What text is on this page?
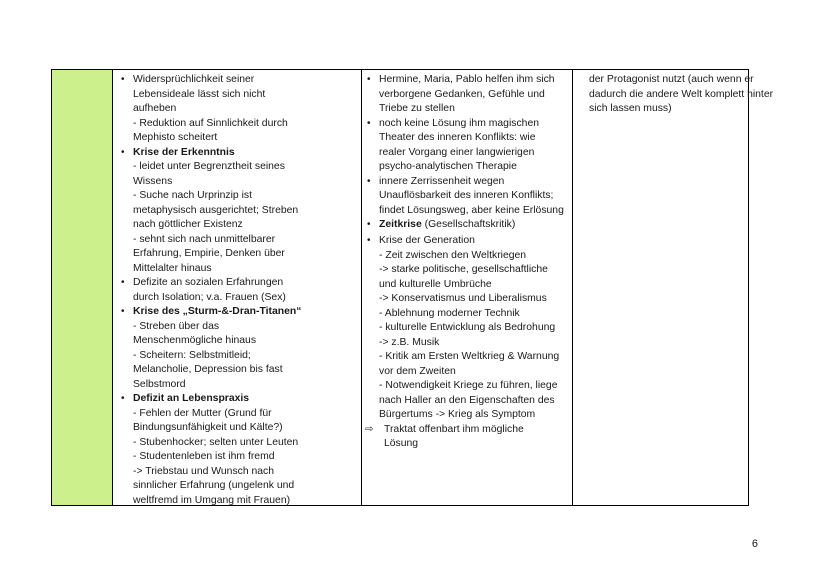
• Widersprüchlichkeit seiner
Lebensideale lässt sich nicht
aufheben
- Reduktion auf Sinnlichkeit durch
Mephisto scheitert
• Krise der Erkenntnis
- leidet unter Begrenztheit seines
Wissens
- Suche nach Urprinzip ist
metaphysisch ausgerichtet; Streben
nach göttlicher Existenz
- sehnt sich nach unmittelbarer
Erfahrung, Empirie, Denken über
Mittelalter hinaus
• Defizite an sozialen Erfahrungen
durch Isolation; v.a. Frauen (Sex)
• Krise des „Sturm-&-Dran-Titanen“
- Streben über das
Menschenmögliche hinaus
- Scheitern: Selbstmitleid;
Melancholie, Depression bis fast
Selbstmord
• Defizit an Lebenspraxis
- Fehlen der Mutter (Grund für
Bindungsunfähigkeit und Kälte?)
- Stubenhocker; selten unter Leuten
- Studentenleben ist ihm fremd
-> Triebstau und Wunsch nach
sinnlicher Erfahrung (ungelenk und
weltfremd im Umgang mit Frauen)
• Hermine, Maria, Pablo helfen ihm sich
verborgene Gedanken, Gefühle und
Triebe zu stellen
• noch keine Lösung ihm magischen
Theater des inneren Konflikts: wie
realer Vorgang einer langwierigen
psycho-analytischen Therapie
• innere Zerrissenheit wegen
Unauflösbarkeit des inneren Konflikts;
findet Lösungsweg, aber keine Erlösung
• Zeitkrise (Gesellschaftskritik)
• Krise der Generation
- Zeit zwischen den Weltkriegen
-> starke politische, gesellschaftliche
und kulturelle Umbrüche
-> Konservatismus und Liberalismus
- Ablehnung moderner Technik
- kulturelle Entwicklung als Bedrohung
-> z.B. Musik
- Kritik am Ersten Weltkrieg & Warnung
vor dem Zweiten
- Notwendigkeit Kriege zu führen, liege
nach Haller an den Eigenschaften des
Bürgertums -> Krieg als Symptom
⇨ Traktat offenbart ihm mögliche
Lösung
der Protagonist nutzt (auch wenn er
dadurch die andere Welt komplett hinter
sich lassen muss)
6
